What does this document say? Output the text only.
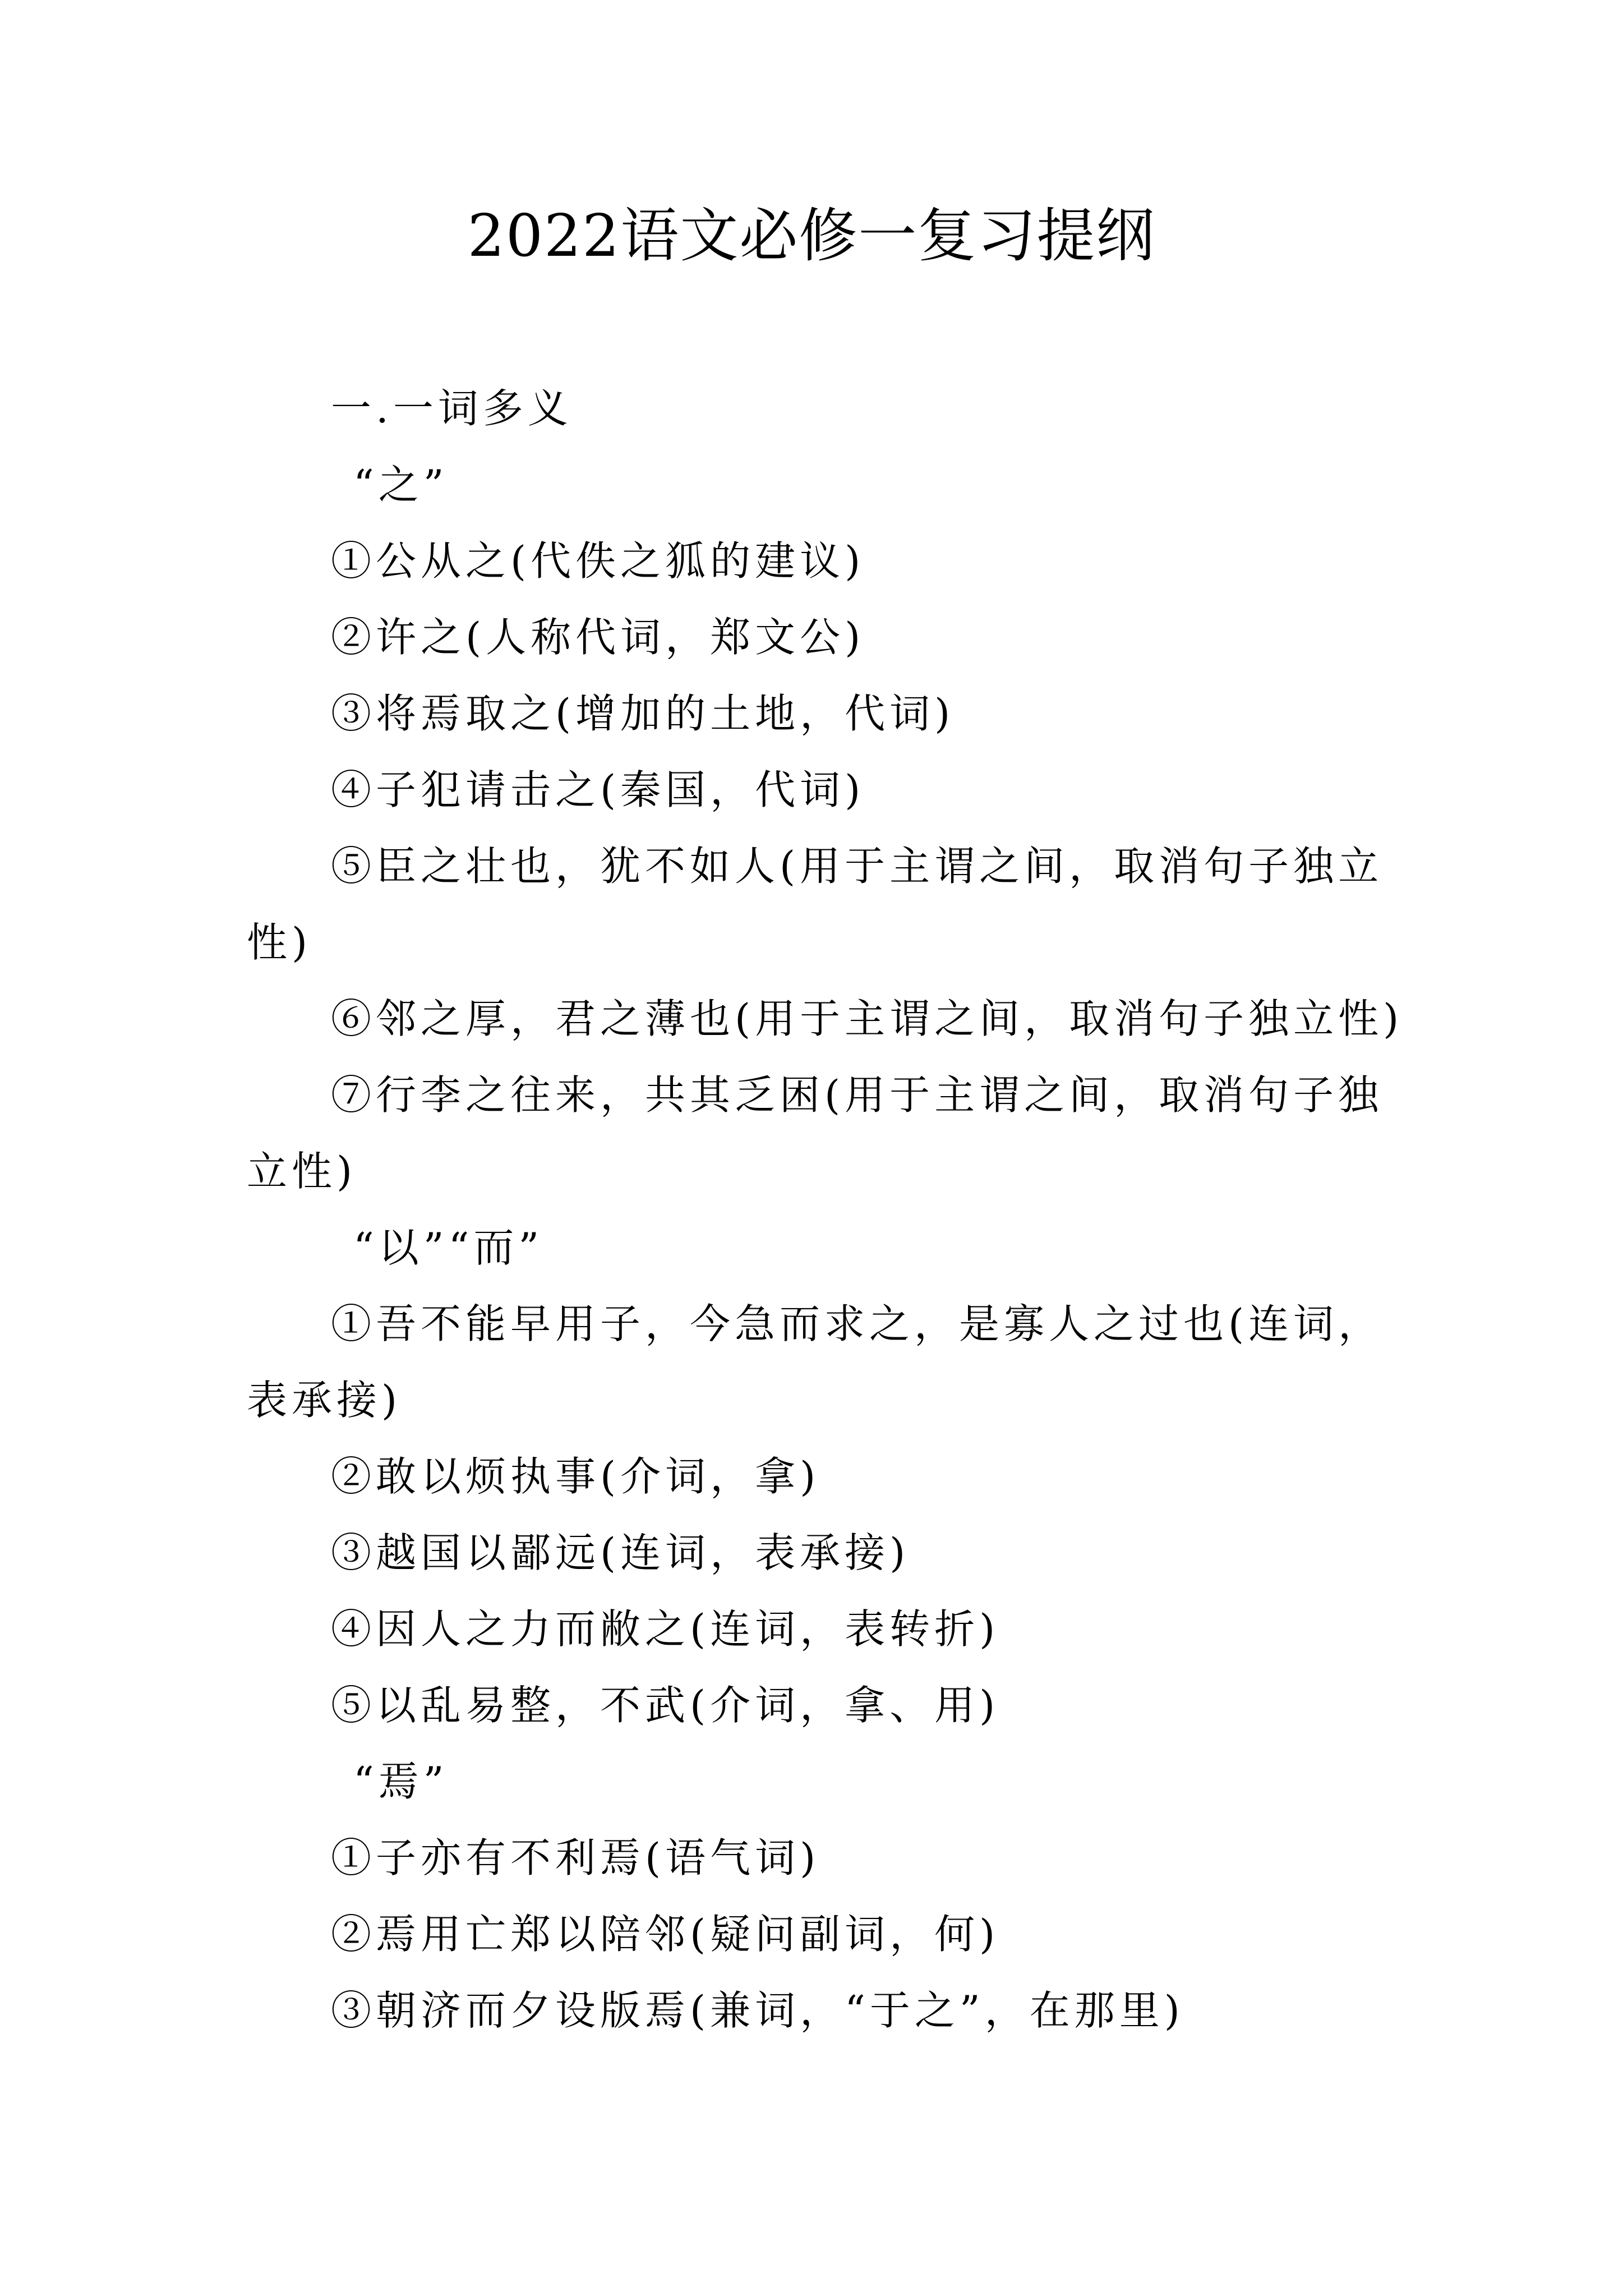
2022语文必修一复习提纲
一.一词多义
“之”
①公从之(代佚之狐的建议)
②许之(人称代词，郑文公)
③将焉取之(增加的土地，代词)
④子犯请击之(秦国，代词)
⑤臣之壮也，犹不如人(用于主谓之间，取消句子独立
性)
⑥邻之厚，君之薄也(用于主谓之间，取消句子独立性)
⑦行李之往来，共其乏困(用于主谓之间，取消句子独
立性)
“以”“而”
①吾不能早用子，今急而求之，是寡人之过也(连词，
表承接)
②敢以烦执事(介词，拿)
③越国以鄙远(连词，表承接)
④因人之力而敝之(连词，表转折)
⑤以乱易整，不武(介词，拿、用)
“焉”
①子亦有不利焉(语气词)
②焉用亡郑以陪邻(疑问副词，何)
③朝济而夕设版焉(兼词，“于之”，在那里)
